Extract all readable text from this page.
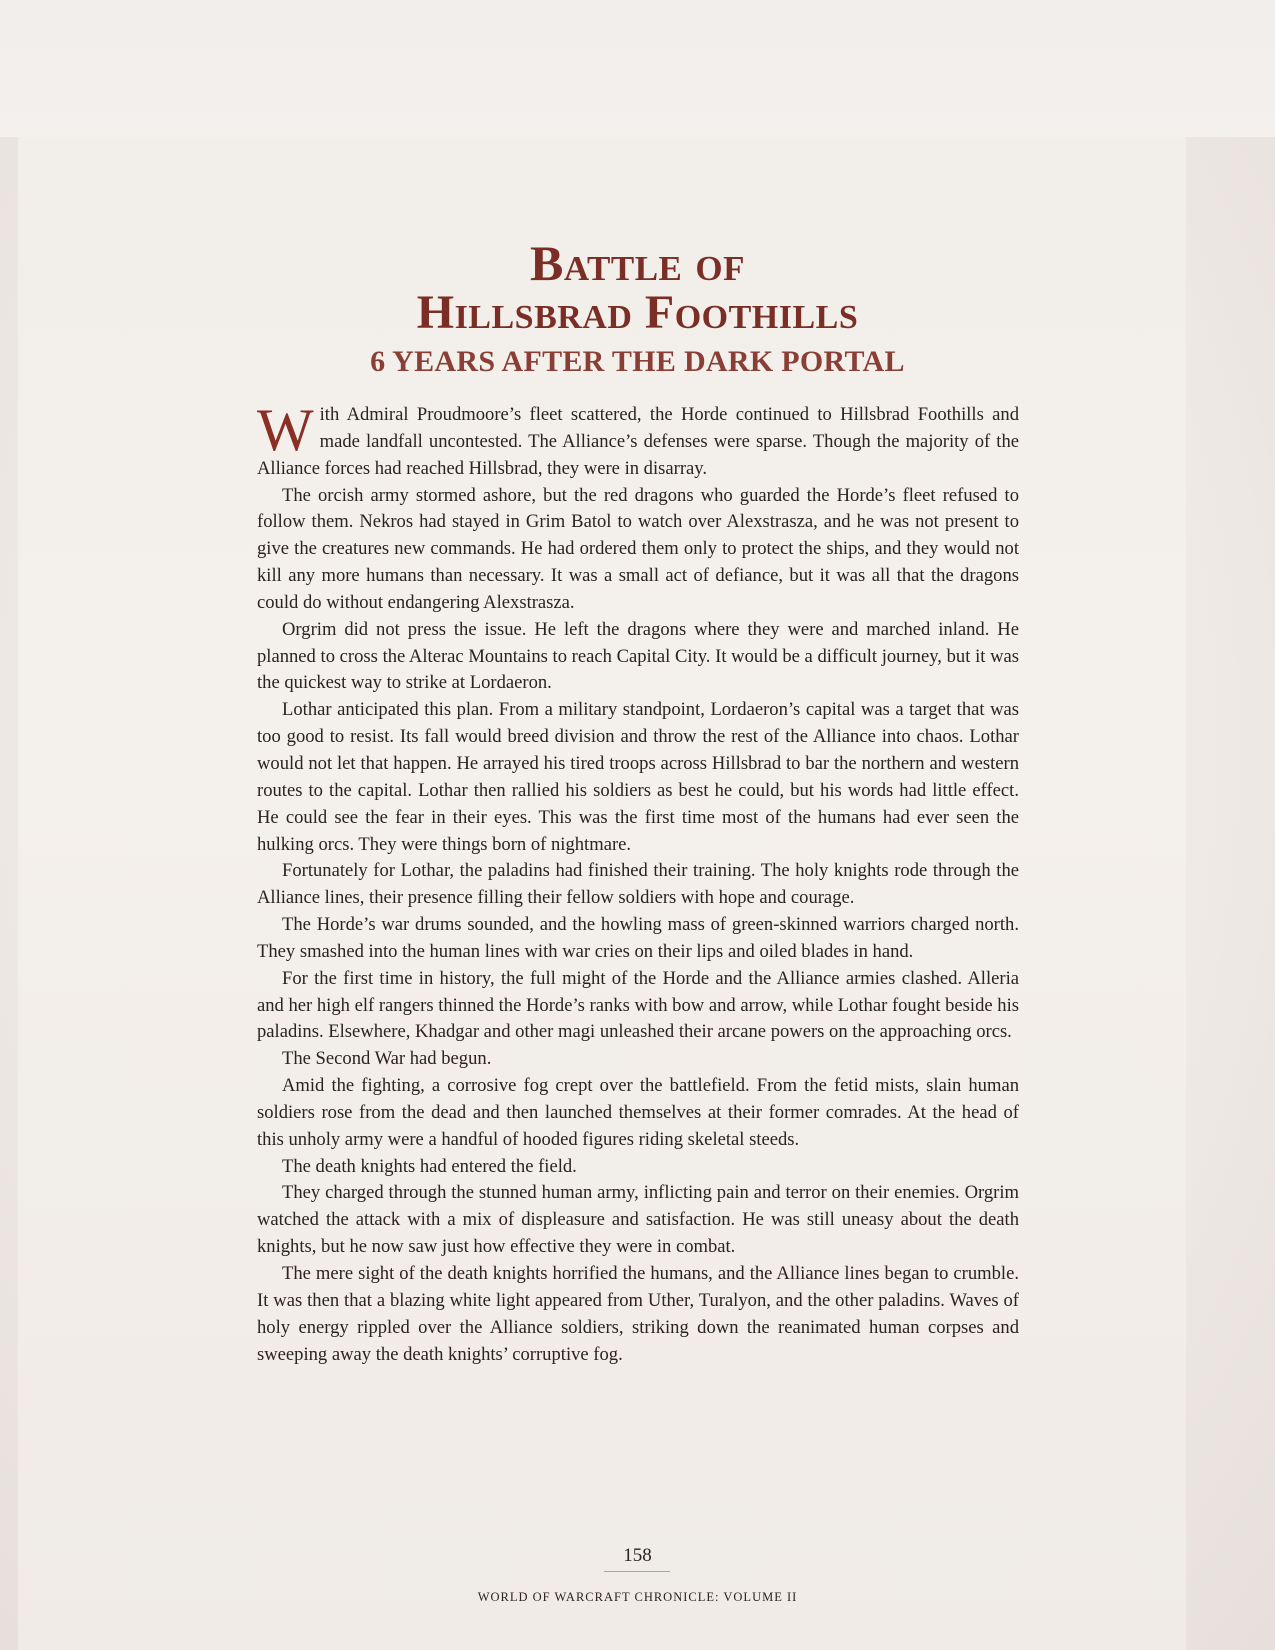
Battle of
Hillsbrad Foothills
6 YEARS AFTER THE DARK PORTAL

With Admiral Proudmoore’s fleet scattered, the Horde continued to Hillsbrad Foothills and made landfall uncontested. The Alliance’s defenses were sparse. Though the majority of the Alliance forces had reached Hillsbrad, they were in disarray.

The orcish army stormed ashore, but the red dragons who guarded the Horde’s fleet refused to follow them. Nekros had stayed in Grim Batol to watch over Alexstrasza, and he was not present to give the creatures new commands. He had ordered them only to protect the ships, and they would not kill any more humans than necessary. It was a small act of defiance, but it was all that the dragons could do without endangering Alexstrasza.

Orgrim did not press the issue. He left the dragons where they were and marched inland. He planned to cross the Alterac Mountains to reach Capital City. It would be a difficult journey, but it was the quickest way to strike at Lordaeron.

Lothar anticipated this plan. From a military standpoint, Lordaeron’s capital was a target that was too good to resist. Its fall would breed division and throw the rest of the Alliance into chaos. Lothar would not let that happen. He arrayed his tired troops across Hillsbrad to bar the northern and western routes to the capital. Lothar then rallied his soldiers as best he could, but his words had little effect. He could see the fear in their eyes. This was the first time most of the humans had ever seen the hulking orcs. They were things born of nightmare.

Fortunately for Lothar, the paladins had finished their training. The holy knights rode through the Alliance lines, their presence filling their fellow soldiers with hope and courage.

The Horde’s war drums sounded, and the howling mass of green-skinned warriors charged north. They smashed into the human lines with war cries on their lips and oiled blades in hand.

For the first time in history, the full might of the Horde and the Alliance armies clashed. Alleria and her high elf rangers thinned the Horde’s ranks with bow and arrow, while Lothar fought beside his paladins. Elsewhere, Khadgar and other magi unleashed their arcane powers on the approaching orcs.

The Second War had begun.

Amid the fighting, a corrosive fog crept over the battlefield. From the fetid mists, slain human soldiers rose from the dead and then launched themselves at their former comrades. At the head of this unholy army were a handful of hooded figures riding skeletal steeds.

The death knights had entered the field.

They charged through the stunned human army, inflicting pain and terror on their enemies. Orgrim watched the attack with a mix of displeasure and satisfaction. He was still uneasy about the death knights, but he now saw just how effective they were in combat.

The mere sight of the death knights horrified the humans, and the Alliance lines began to crumble. It was then that a blazing white light appeared from Uther, Turalyon, and the other paladins. Waves of holy energy rippled over the Alliance soldiers, striking down the reanimated human corpses and sweeping away the death knights’ corruptive fog.

158
WORLD OF WARCRAFT CHRONICLE: VOLUME II
